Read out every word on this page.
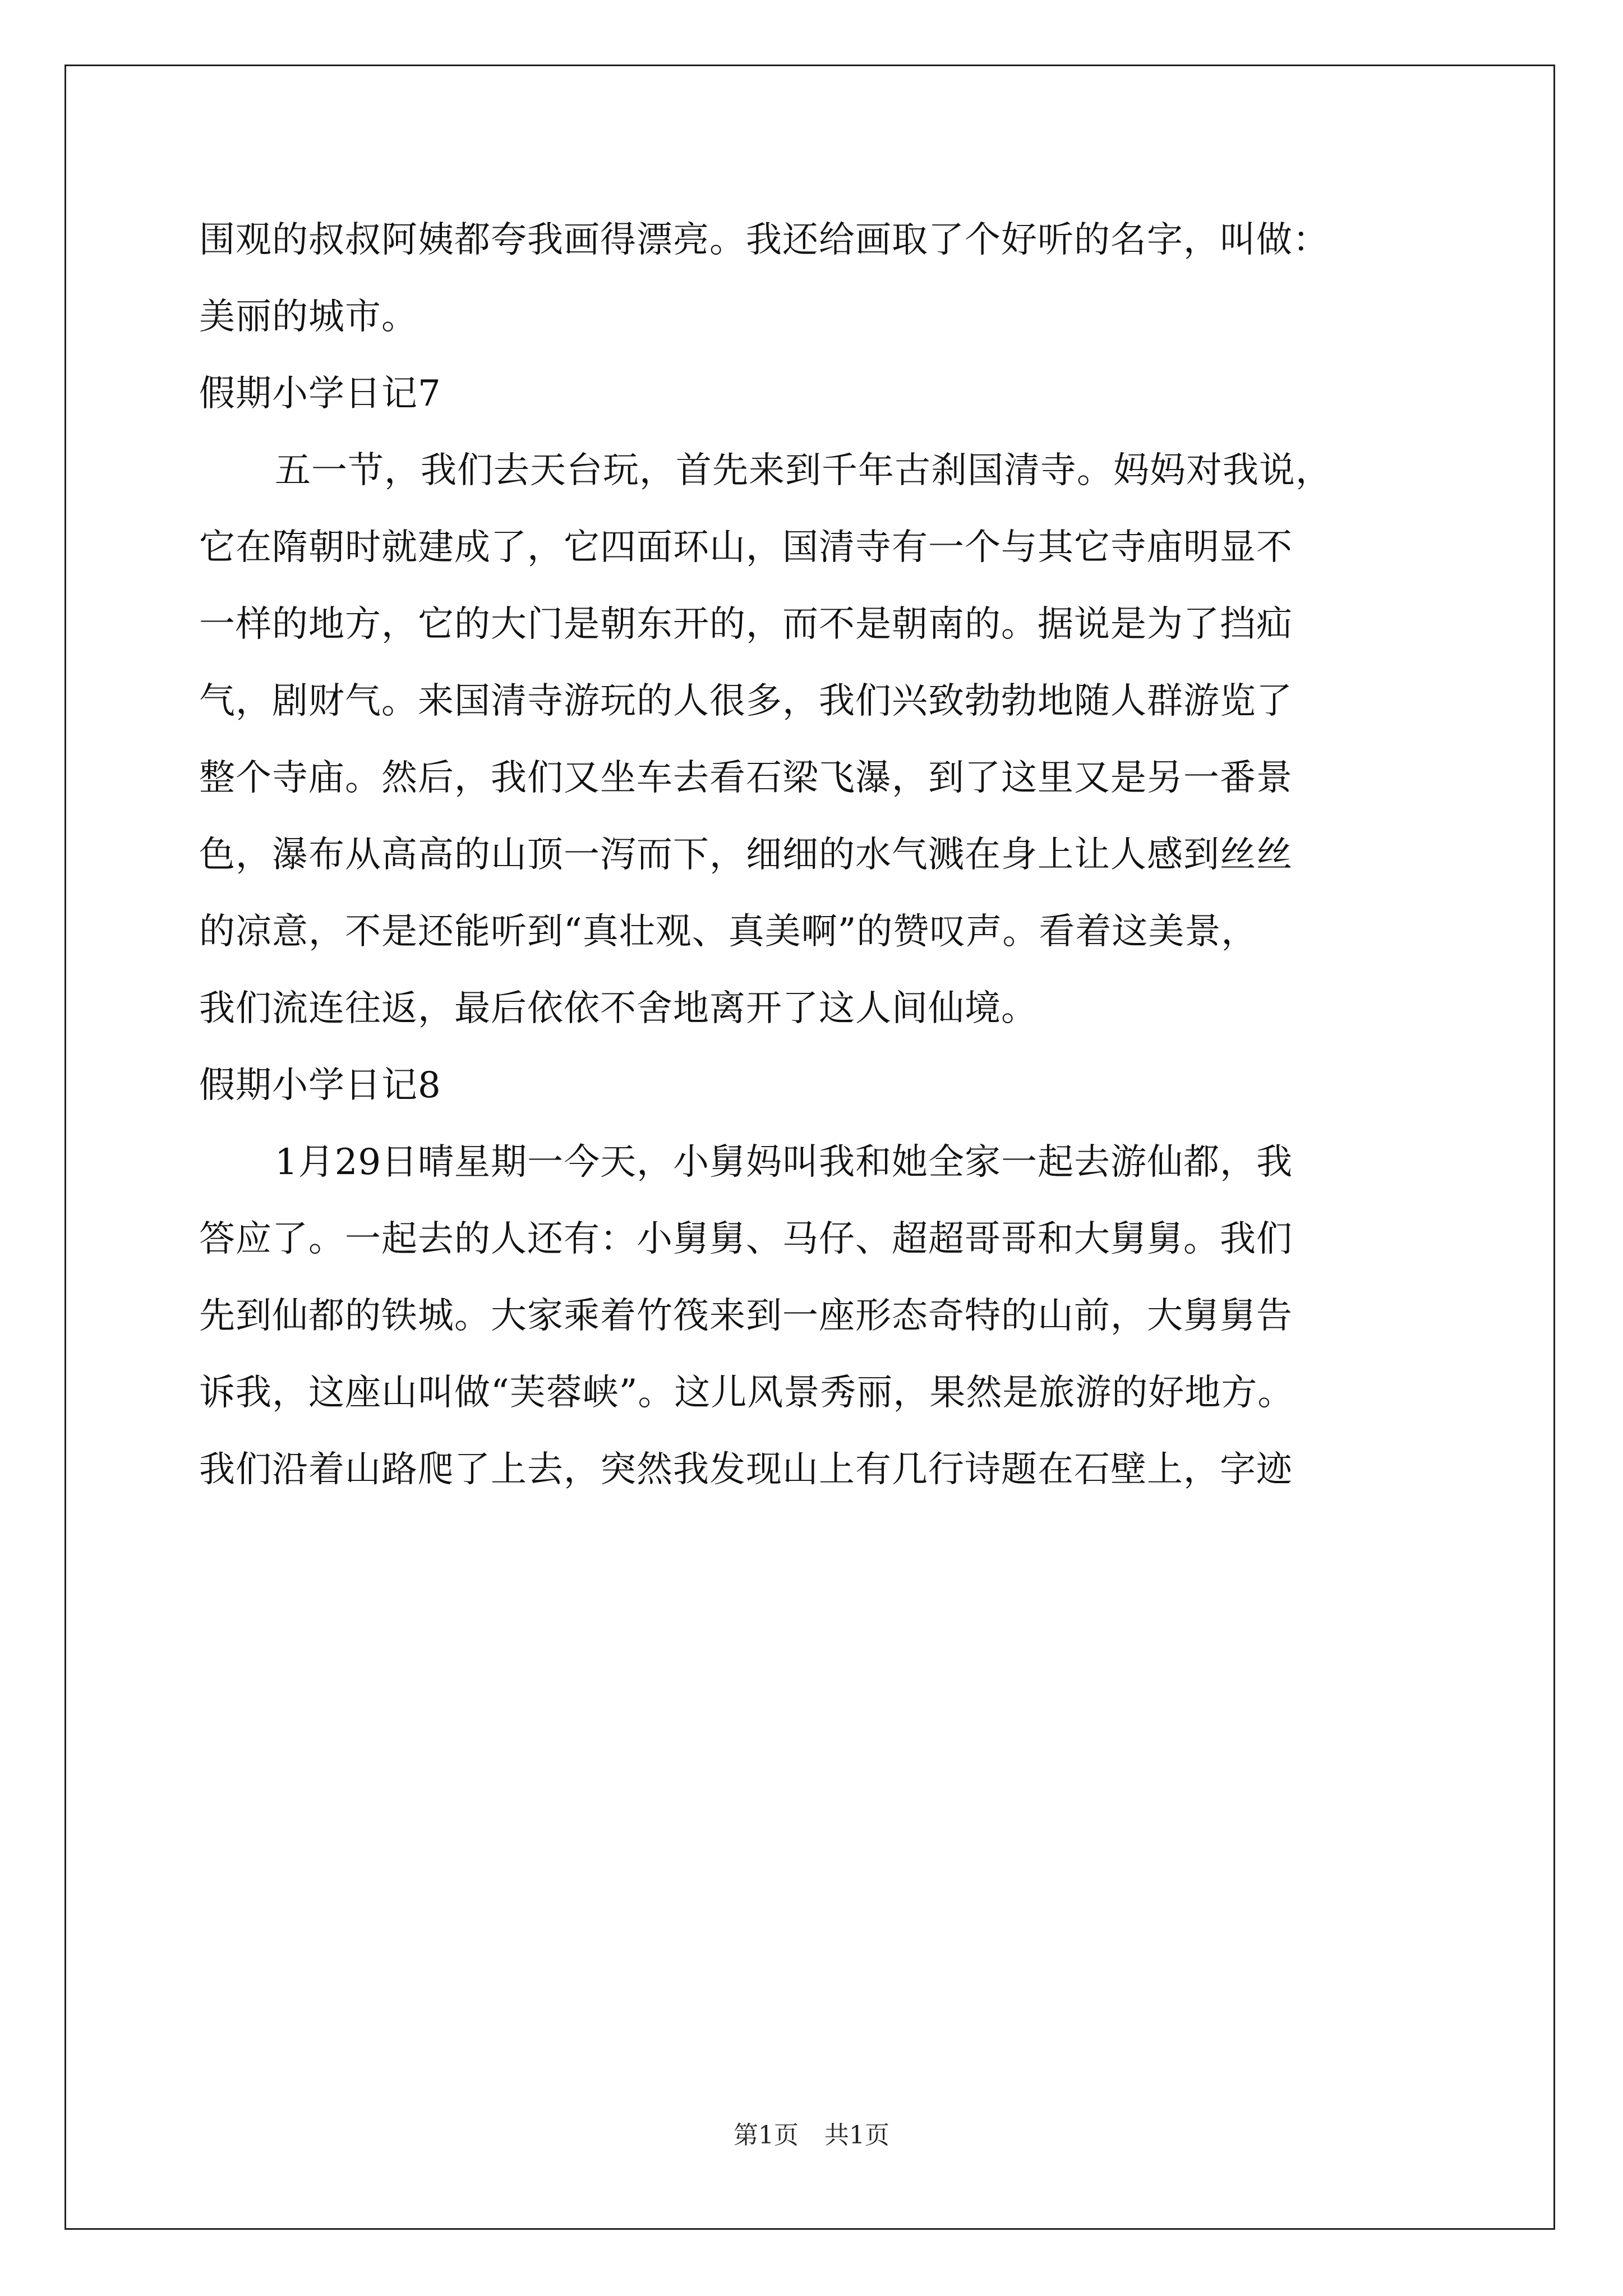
围观的叔叔阿姨都夸我画得漂亮。我还给画取了个好听的名字，叫做：
美丽的城市。
假期小学日记7
五一节，我们去天台玩，首先来到千年古刹国清寺。妈妈对我说，
它在隋朝时就建成了，它四面环山，国清寺有一个与其它寺庙明显不
一样的地方，它的大门是朝东开的，而不是朝南的。据说是为了挡疝
气，剧财气。来国清寺游玩的人很多，我们兴致勃勃地随人群游览了
整个寺庙。然后，我们又坐车去看石梁飞瀑，到了这里又是另一番景
色，瀑布从高高的山顶一泻而下，细细的水气溅在身上让人感到丝丝
的凉意，不是还能听到“真壮观、真美啊”的赞叹声。看着这美景，
我们流连往返，最后依依不舍地离开了这人间仙境。
假期小学日记8
1月29日晴星期一今天，小舅妈叫我和她全家一起去游仙都，我
答应了。一起去的人还有：小舅舅、马仔、超超哥哥和大舅舅。我们
先到仙都的铁城。大家乘着竹筏来到一座形态奇特的山前，大舅舅告
诉我，这座山叫做“芙蓉峡”。这儿风景秀丽，果然是旅游的好地方。
我们沿着山路爬了上去，突然我发现山上有几行诗题在石壁上，字迹
第1页 共1页
